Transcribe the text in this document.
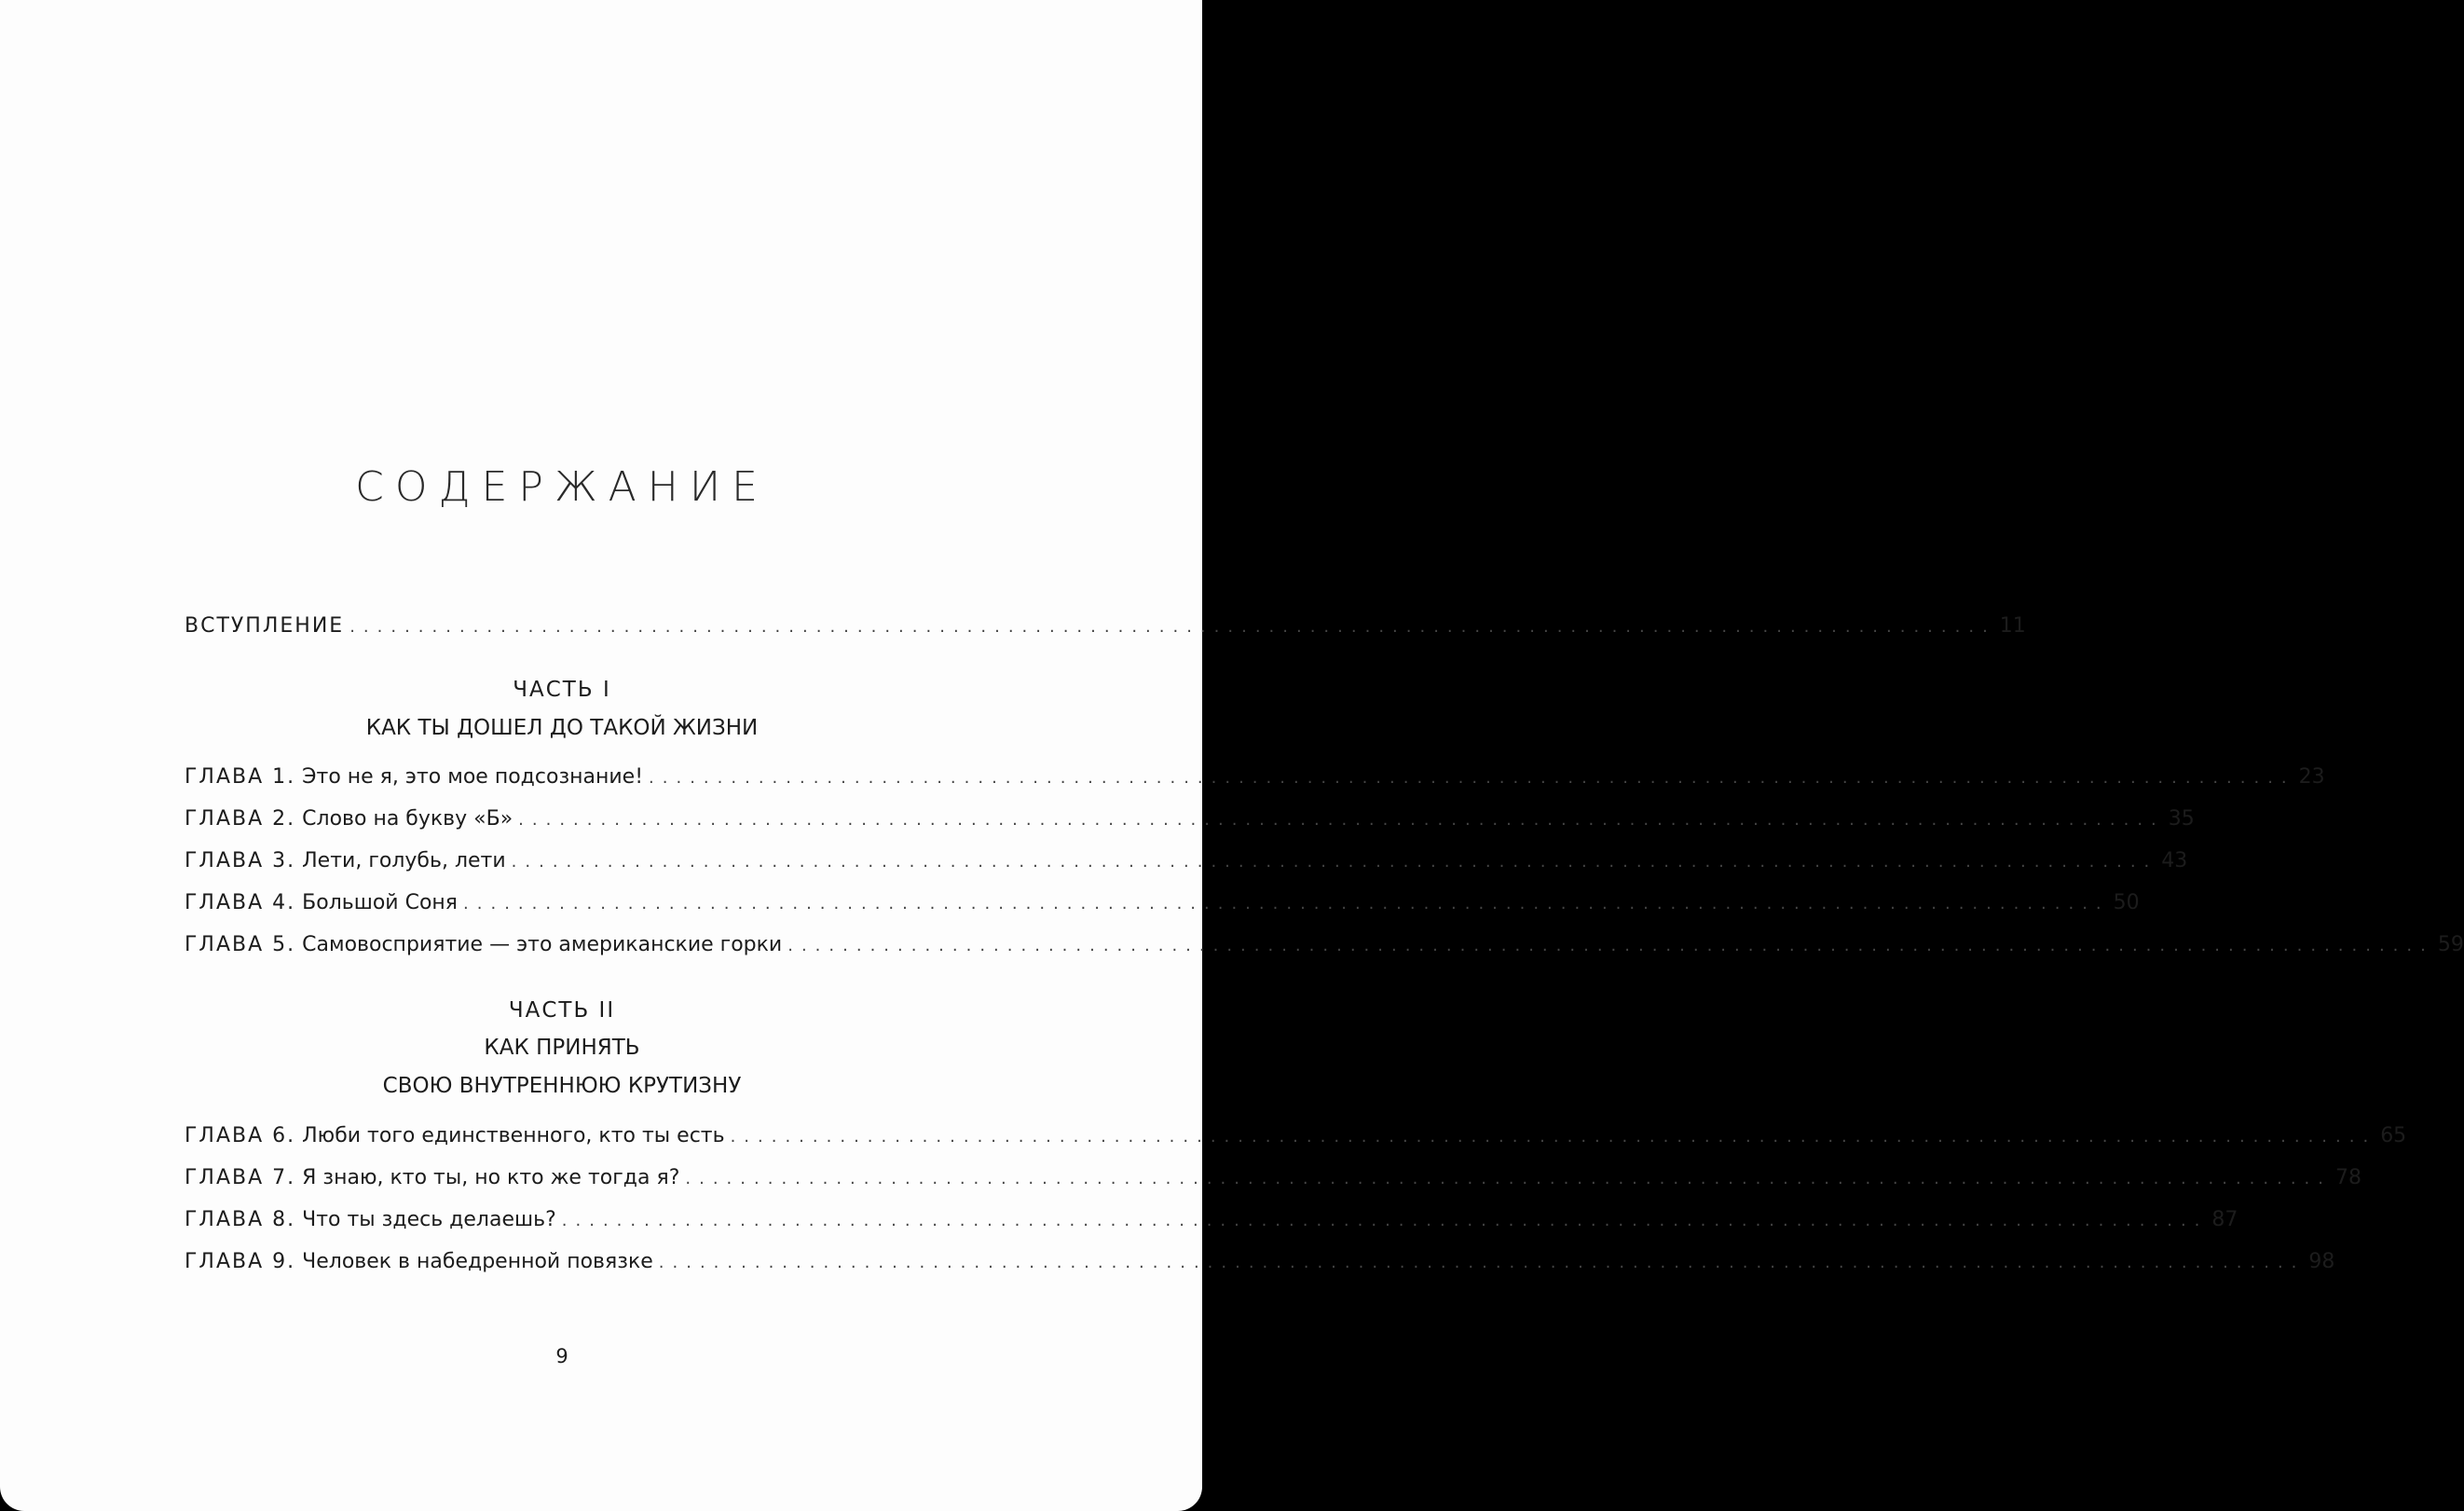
СОДЕРЖАНИЕ
ВСТУПЛЕНИЕ ........................................................................................................................ 11
ЧАСТЬ I
КАК ТЫ ДОШЕЛ ДО ТАКОЙ ЖИЗНИ
ГЛАВА 1. Это не я, это мое подсознание! ........................................................................................................................ 23
ГЛАВА 2. Слово на букву «Б» ........................................................................................................................ 35
ГЛАВА 3. Лети, голубь, лети ........................................................................................................................ 43
ГЛАВА 4. Большой Соня ........................................................................................................................ 50
ГЛАВА 5. Самовосприятие — это американские горки ........................................................................................................................ 59
ЧАСТЬ II
КАК ПРИНЯТЬ
СВОЮ ВНУТРЕННЮЮ КРУТИЗНУ
ГЛАВА 6. Люби того единственного, кто ты есть ........................................................................................................................ 65
ГЛАВА 7. Я знаю, кто ты, но кто же тогда я? ........................................................................................................................ 78
ГЛАВА 8. Что ты здесь делаешь? ........................................................................................................................ 87
ГЛАВА 9. Человек в набедренной повязке ........................................................................................................................ 98
9
